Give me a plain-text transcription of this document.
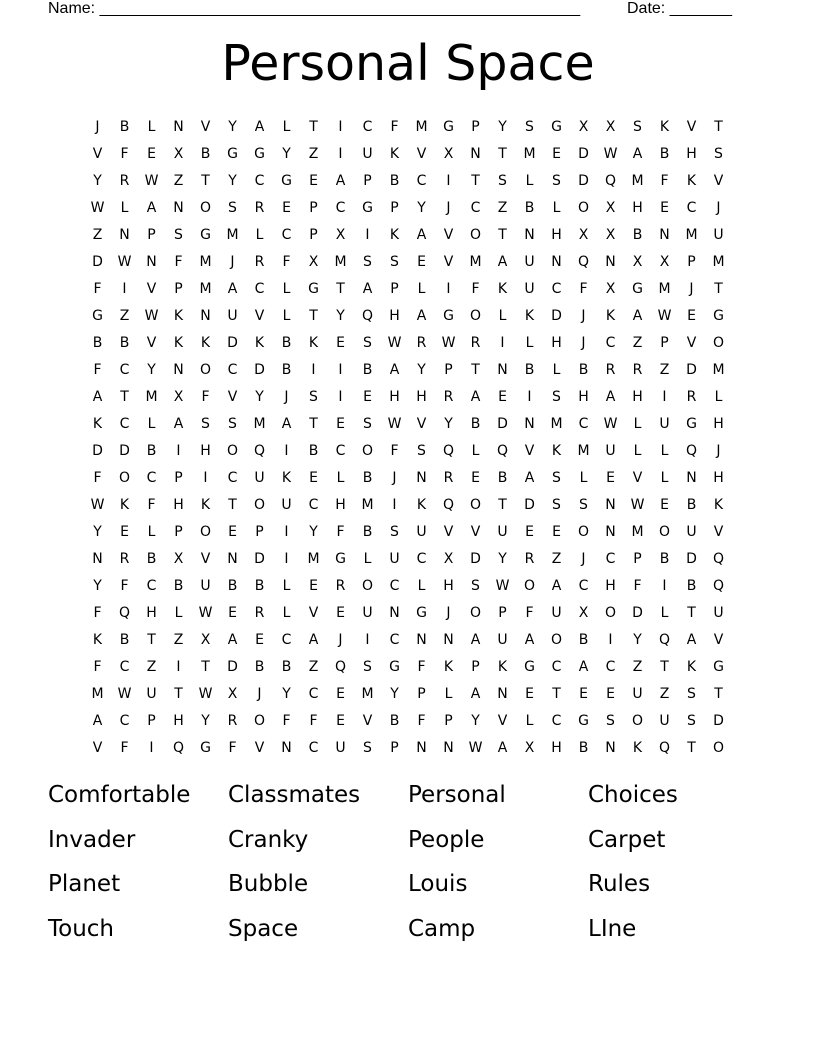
Name: ______________________________________________________	Date: _______
Personal Space
J	B	L	N	V	Y	A	L	T	I	C	F	M	G	P	Y	S	G	X	X	S	K	V	T
V	F	E	X	B	G	G	Y	Z	I	U	K	V	X	N	T	M	E	D	W	A	B	H	S
Y	R	W	Z	T	Y	C	G	E	A	P	B	C	I	T	S	L	S	D	Q	M	F	K	V
W	L	A	N	O	S	R	E	P	C	G	P	Y	J	C	Z	B	L	O	X	H	E	C	J
Z	N	P	S	G	M	L	C	P	X	I	K	A	V	O	T	N	H	X	X	B	N	M	U
D	W	N	F	M	J	R	F	X	M	S	S	E	V	M	A	U	N	Q	N	X	X	P	M
F	I	V	P	M	A	C	L	G	T	A	P	L	I	F	K	U	C	F	X	G	M	J	T
G	Z	W	K	N	U	V	L	T	Y	Q	H	A	G	O	L	K	D	J	K	A	W	E	G
B	B	V	K	K	D	K	B	K	E	S	W	R	W	R	I	L	H	J	C	Z	P	V	O
F	C	Y	N	O	C	D	B	I	I	B	A	Y	P	T	N	B	L	B	R	R	Z	D	M
A	T	M	X	F	V	Y	J	S	I	E	H	H	R	A	E	I	S	H	A	H	I	R	L
K	C	L	A	S	S	M	A	T	E	S	W	V	Y	B	D	N	M	C	W	L	U	G	H
D	D	B	I	H	O	Q	I	B	C	O	F	S	Q	L	Q	V	K	M	U	L	L	Q	J
F	O	C	P	I	C	U	K	E	L	B	J	N	R	E	B	A	S	L	E	V	L	N	H
W	K	F	H	K	T	O	U	C	H	M	I	K	Q	O	T	D	S	S	N	W	E	B	K
Y	E	L	P	O	E	P	I	Y	F	B	S	U	V	V	U	E	E	O	N	M	O	U	V
N	R	B	X	V	N	D	I	M	G	L	U	C	X	D	Y	R	Z	J	C	P	B	D	Q
Y	F	C	B	U	B	B	L	E	R	O	C	L	H	S	W	O	A	C	H	F	I	B	Q
F	Q	H	L	W	E	R	L	V	E	U	N	G	J	O	P	F	U	X	O	D	L	T	U
K	B	T	Z	X	A	E	C	A	J	I	C	N	N	A	U	A	O	B	I	Y	Q	A	V
F	C	Z	I	T	D	B	B	Z	Q	S	G	F	K	P	K	G	C	A	C	Z	T	K	G
M	W	U	T	W	X	J	Y	C	E	M	Y	P	L	A	N	E	T	E	E	U	Z	S	T
A	C	P	H	Y	R	O	F	F	E	V	B	F	P	Y	V	L	C	G	S	O	U	S	D
V	F	I	Q	G	F	V	N	C	U	S	P	N	N	W	A	X	H	B	N	K	Q	T	O
Comfortable	Classmates	Personal	Choices
Invader	Cranky	People	Carpet
Planet	Bubble	Louis	Rules
Touch	Space	Camp	LIne
